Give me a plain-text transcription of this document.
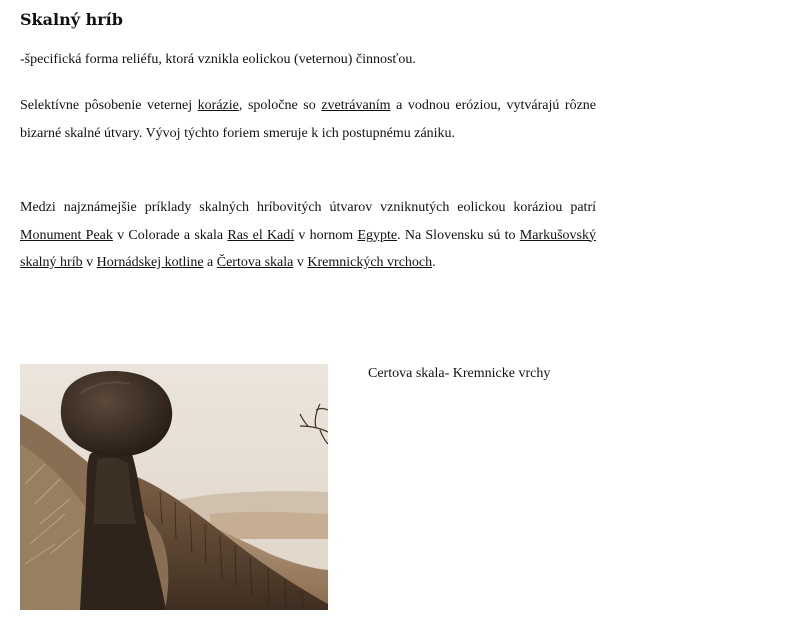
Skalný hríb

-špecifická forma reliéfu, ktorá vznikla eolickou (veternou) činnosťou.

Selektívne pôsobenie veternej korázie, spoločne so zvetrávaním a vodnou eróziou, vytvárajú rôzne bizarné skalné útvary. Vývoj týchto foriem smeruje k ich postupnému zániku.

Medzi najznámejšie príklady skalných hríbovitých útvarov vzniknutých eolickou koráziou patrí Monument Peak v Colorade a skala Ras el Kadí v hornom Egypte. Na Slovensku sú to Markušovský skalný hríb v Hornádskej kotline a Čertova skala v Kremnických vrchoch.

Certova skala- Kremnicke vrchy
